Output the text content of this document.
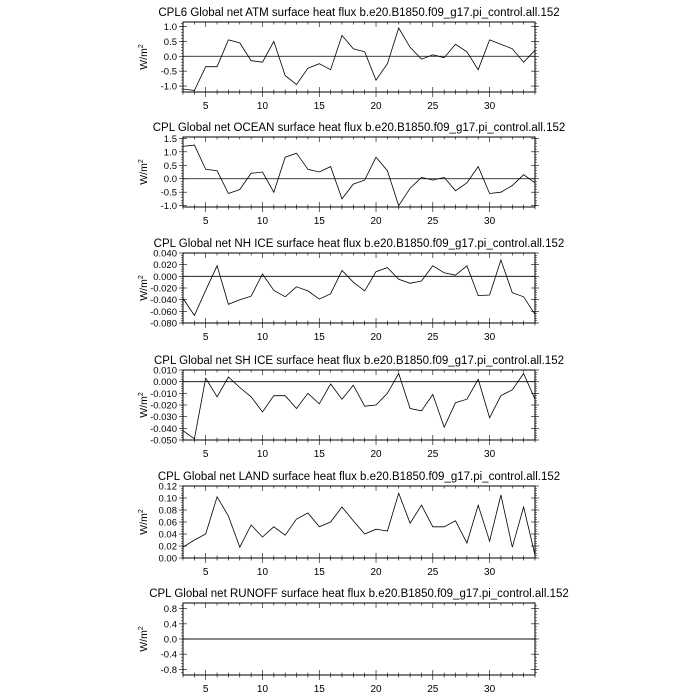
CPL6 Global net ATM surface heat flux b.e20.B1850.f09_g17.pi_control.all.152
$W/m^2$
5	10	15	20	25	30
-1.0
-0.5
0.0
0.5
1.0
CPL Global net OCEAN surface heat flux b.e20.B1850.f09_g17.pi_control.all.152
$W/m^2$
5	10	15	20	25	30
-1.0
-0.5
0.0
0.5
1.0
1.5
CPL Global net NH ICE surface heat flux b.e20.B1850.f09_g17.pi_control.all.152
$W/m^2$
5	10	15	20	25	30
-0.080
-0.060
-0.040
-0.020
0.000
0.020
0.040
CPL Global net SH ICE surface heat flux b.e20.B1850.f09_g17.pi_control.all.152
$W/m^2$
5	10	15	20	25	30
-0.050
-0.040
-0.030
-0.020
-0.010
0.000
0.010
CPL Global net LAND surface heat flux b.e20.B1850.f09_g17.pi_control.all.152
$W/m^2$
5	10	15	20	25	30
0.00
0.02
0.04
0.06
0.08
0.10
0.12
CPL Global net RUNOFF surface heat flux b.e20.B1850.f09_g17.pi_control.all.152
$W/m^2$
5	10	15	20	25	30
-0.8
-0.4
0.0
0.4
0.8
